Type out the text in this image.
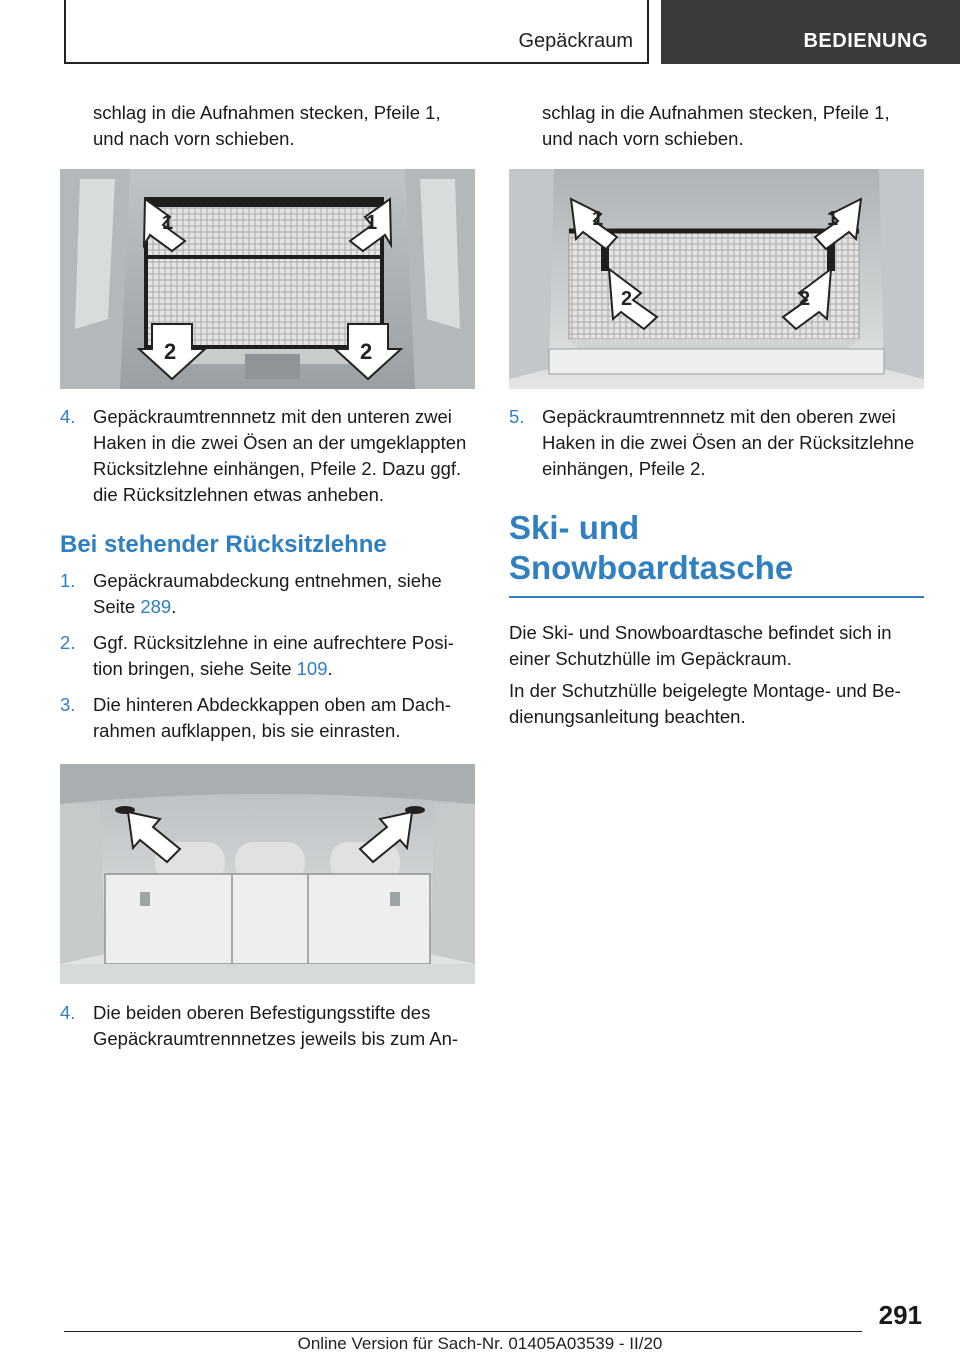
Gepäckraum	BEDIENUNG

schlag in die Aufnahmen stecken, Pfeile 1,

und nach vorn schieben.

1	1
2	2
4. Gepäckraumtrennnetz mit den unteren zwei

Haken in die zwei Ösen an der umgeklappten

Rücksitzlehne einhängen, Pfeile 2. Dazu ggf.

die Rücksitzlehnen etwas anheben.

Bei stehender Rücksitzlehne
1. Gepäckraumabdeckung entnehmen, siehe

Seite 289.

2. Ggf. Rücksitzlehne in eine aufrechtere Posi-

tion bringen, siehe Seite 109.

3. Die hinteren Abdeckkappen oben am Dach-

rahmen aufklappen, bis sie einrasten.

4. Die beiden oberen Befestigungsstifte des

Gepäckraumtrennnetzes jeweils bis zum An-

schlag in die Aufnahmen stecken, Pfeile 1,

und nach vorn schieben.

1	1
2	2
5. Gepäckraumtrennnetz mit den oberen zwei

Haken in die zwei Ösen an der Rücksitzlehne

einhängen, Pfeile 2.

Ski- und Snowboardtasche

Die Ski- und Snowboardtasche befindet sich in

einer Schutzhülle im Gepäckraum.

In der Schutzhülle beigelegte Montage- und Be-

dienungsanleitung beachten.

291
Online Version für Sach-Nr. 01405A03539 - II/20
